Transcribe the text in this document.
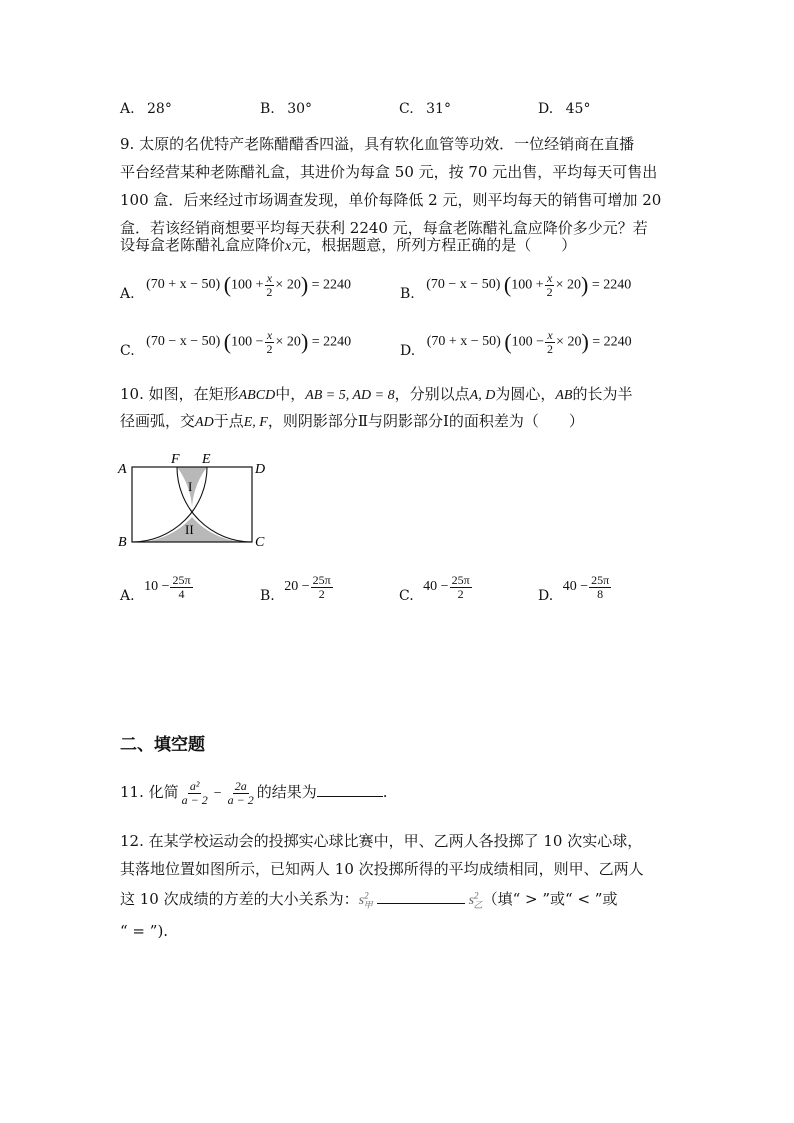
A. 28°	B. 30°	C. 31°	D. 45°
9. 太原的名优特产老陈醋醋香四溢，具有软化血管等功效．一位经销商在直播
平台经营某种老陈醋礼盒，其进价为每盒 50 元，按 70 元出售，平均每天可售出
100 盒．后来经过市场调查发现，单价每降低 2 元，则平均每天的销售可增加 20
盒．若该经销商想要平均每天获利 2240 元，每盒老陈醋礼盒应降价多少元？若
设每盒老陈醋礼盒应降价x元，根据题意，所列方程正确的是（　　）
A. (70 + x − 50) $(100 + \frac{x}{2} \times 20) = 2240$
B. (70 − x − 50) $(100 + \frac{x}{2} \times 20) = 2240$
C. (70 − x − 50) $(100 - \frac{x}{2} \times 20) = 2240$
D. (70 + x − 50) $(100 - \frac{x}{2} \times 20) = 2240$
10. 如图，在矩形ABCD中，AB = 5, AD = 8，分别以点A, D为圆心，AB的长为半
径画弧，交AD于点E, F，则阴影部分Ⅱ与阴影部分Ⅰ的面积差为（　　）
A	D
B	C
F E
I
II
A. $10 - \frac{25\pi}{4}$	B. $20 - \frac{25\pi}{2}$	C. $40 - \frac{25\pi}{2}$	D. $40 - \frac{25\pi}{8}$
二、填空题
11. 化简 $\frac{\text{a²}}{a - 2} - \frac{2a}{a - 2}$ 的结果为	.
12. 在某学校运动会的投掷实心球比赛中，甲、乙两人各投掷了 10 次实心球，
其落地位置如图所示，已知两人 10 次投掷所得的平均成绩相同，则甲、乙两人
这 10 次成绩的方差的大小关系为：$s^2_甲$	$s^2_乙$（填“ > ”或“ < ”或
“ = ”).
